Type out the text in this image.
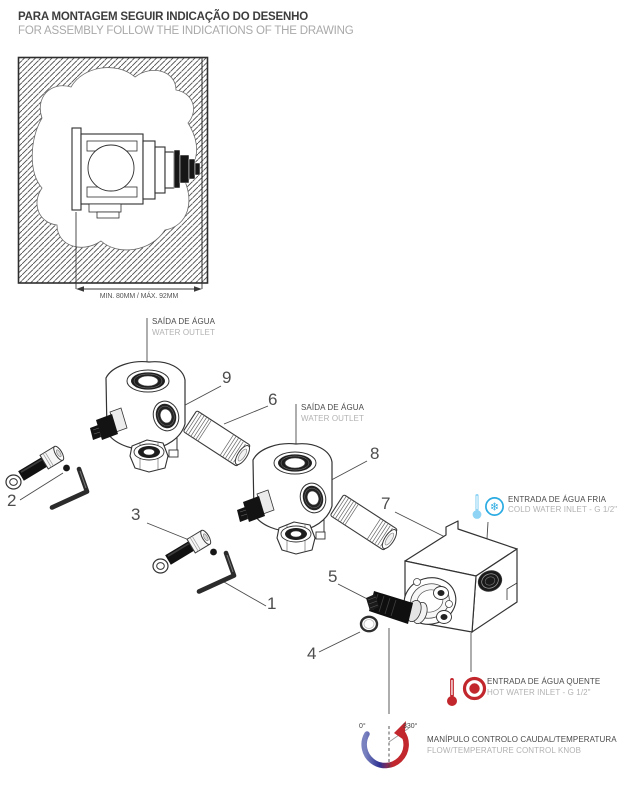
PARA MONTAGEM SEGUIR INDICAÇÃO DO DESENHO
FOR ASSEMBLY FOLLOW THE INDICATIONS OF THE DRAWING
MIN. 80MM / MÁX. 92MM
SAÍDA DE ÁGUA
WATER OUTLET
SAÍDA DE ÁGUA
WATER OUTLET
❄
ENTRADA DE ÁGUA FRIA
COLD WATER INLET - G 1/2"
ENTRADA DE ÁGUA QUENTE
HOT WATER INLET - G 1/2"
0°	330°
MANÍPULO CONTROLO CAUDAL/TEMPERATURA
FLOW/TEMPERATURE CONTROL KNOB
1
2
3
4
5
6
7
8
9
